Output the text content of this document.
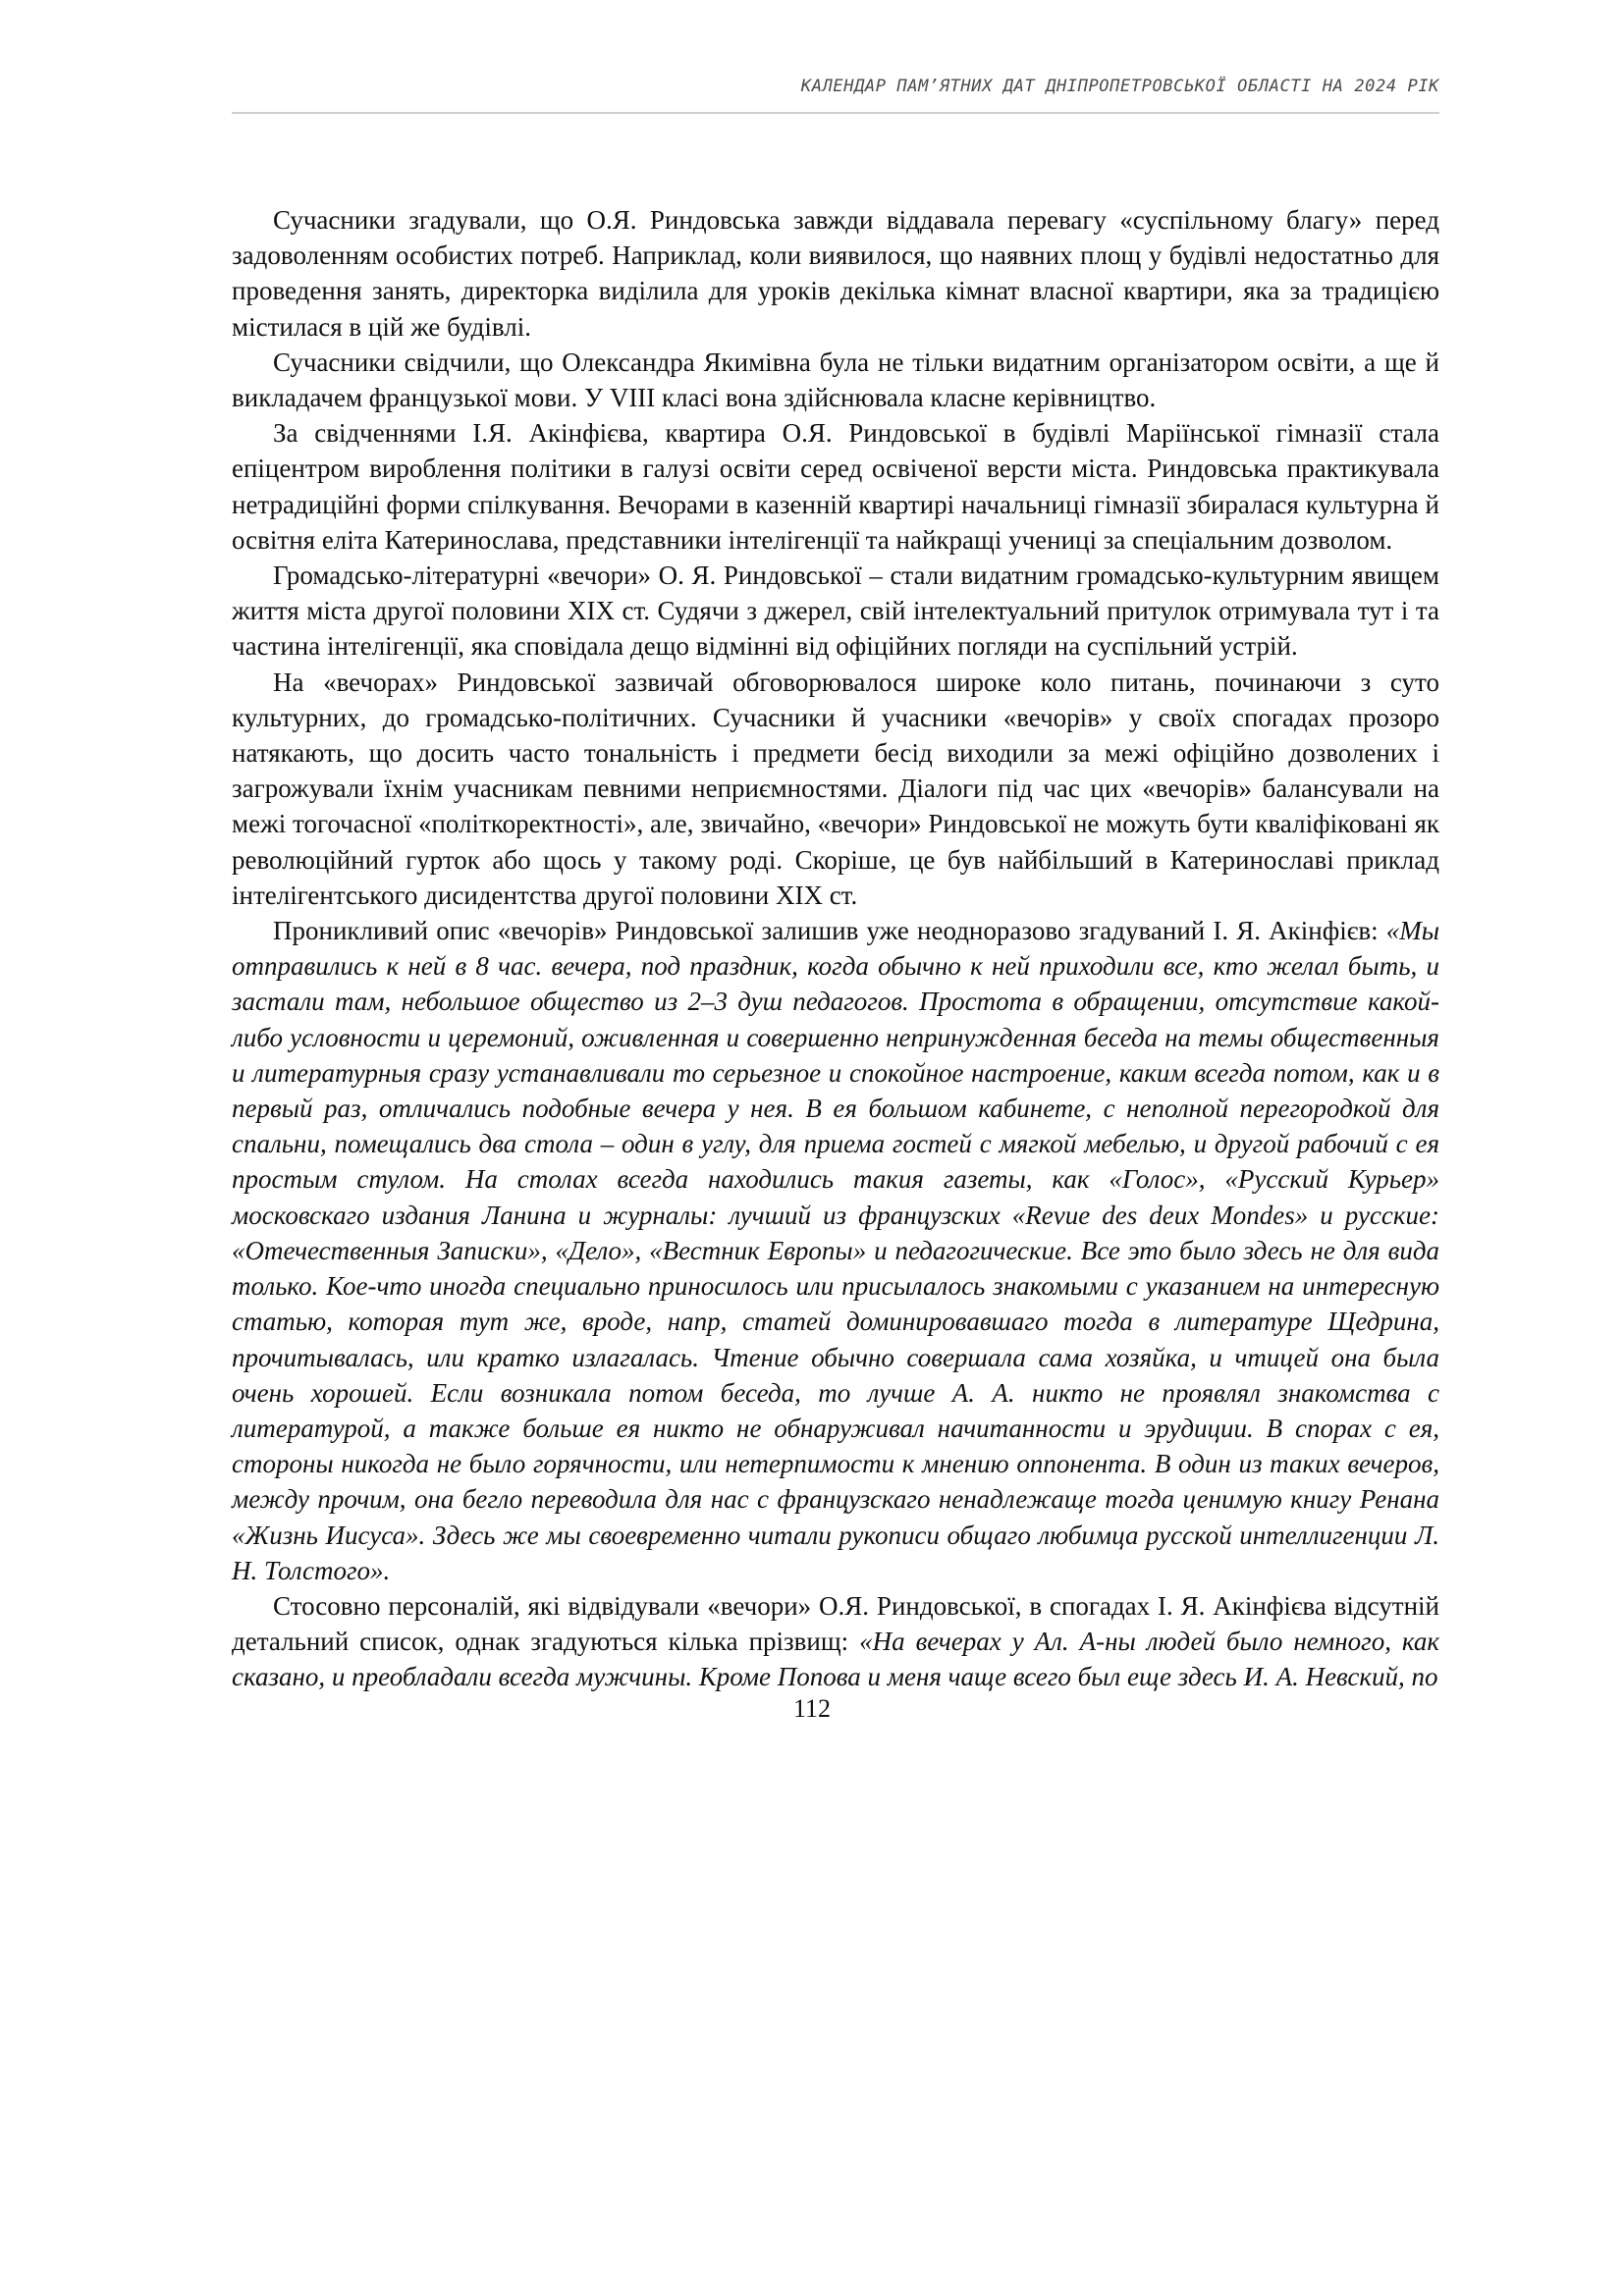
КАЛЕНДАР ПАМ’ЯТНИХ ДАТ ДНІПРОПЕТРОВСЬКОЇ ОБЛАСТІ НА 2024 РІК

Сучасники згадували, що О.Я. Риндовська завжди віддавала перевагу «суспільному благу» перед задоволенням особистих потреб. Наприклад, коли виявилося, що наявних площ у будівлі недостатньо для проведення занять, директорка виділила для уроків декілька кімнат власної квартири, яка за традицією містилася в цій же будівлі.

Сучасники свідчили, що Олександра Якимівна була не тільки видатним організатором освіти, а ще й викладачем французької мови. У VIII класі вона здійснювала класне керівництво.

За свідченнями І.Я. Акінфієва, квартира О.Я. Риндовської в будівлі Маріїнської гімназії стала епіцентром вироблення політики в галузі освіти серед освіченої версти міста. Риндовська практикувала нетрадиційні форми спілкування. Вечорами в казенній квартирі начальниці гімназії збиралася культурна й освітня еліта Катеринослава, представники інтелігенції та найкращі учениці за спеціальним дозволом.

Громадсько-літературні «вечори» О. Я. Риндовської – стали видатним громадсько-культурним явищем життя міста другої половини XIX ст. Судячи з джерел, свій інтелектуальний притулок отримувала тут і та частина інтелігенції, яка сповідала дещо відмінні від офіційних погляди на суспільний устрій.

На «вечорах» Риндовської зазвичай обговорювалося широке коло питань, починаючи з суто культурних, до громадсько-політичних. Сучасники й учасники «вечорів» у своїх спогадах прозоро натякають, що досить часто тональність і предмети бесід виходили за межі офіційно дозволених і загрожували їхнім учасникам певними неприємностями. Діалоги під час цих «вечорів» балансували на межі тогочасної «політкоректності», але, звичайно, «вечори» Риндовської не можуть бути кваліфіковані як революційний гурток або щось у такому роді. Скоріше, це був найбільший в Катеринославі приклад інтелігентського дисидентства другої половини XIX ст.

Проникливий опис «вечорів» Риндовської залишив уже неодноразово згадуваний І. Я. Акінфієв: «Мы отправились к ней в 8 час. вечера, под праздник, когда обычно к ней приходили все, кто желал быть, и застали там, небольшое общество из 2–3 душ педагогов. Простота в обращении, отсутствие какой-либо условности и церемоний, оживленная и совершенно непринужденная беседа на темы общественныя и литературныя сразу устанавливали то серьезное и спокойное настроение, каким всегда потом, как и в первый раз, отличались подобные вечера у нея. В ея большом кабинете, с неполной перегородкой для спальни, помещались два стола – один в углу, для приема гостей с мягкой мебелью, и другой рабочий с ея простым стулом. На столах всегда находились такия газеты, как «Голос», «Русский Курьер» московскаго издания Ланина и журналы: лучший из французских «Revue des deux Mondes» и русские: «Отечественныя Записки», «Дело», «Вестник Европы» и педагогические. Все это было здесь не для вида только. Кое-что иногда специально приносилось или присылалось знакомыми с указанием на интересную статью, которая тут же, вроде, напр, статей доминировавшаго тогда в литературе Щедрина, прочитывалась, или кратко излагалась. Чтение обычно совершала сама хозяйка, и чтицей она была очень хорошей. Если возникала потом беседа, то лучше А. А. никто не проявлял знакомства с литературой, а также больше ея никто не обнаруживал начитанности и эрудиции. В спорах с ея, стороны никогда не было горячности, или нетерпимости к мнению оппонента. В один из таких вечеров, между прочим, она бегло переводила для нас с французскаго ненадлежаще тогда ценимую книгу Ренана «Жизнь Иисуса». Здесь же мы своевременно читали рукописи общаго любимца русской интеллигенции Л. Н. Толстого».

Стосовно персоналій, які відвідували «вечори» О.Я. Риндовської, в спогадах І. Я. Акінфієва відсутній детальний список, однак згадуються кілька прізвищ: «На вечерах у Ал. А-ны людей было немного, как сказано, и преобладали всегда мужчины. Кроме Попова и меня чаще всего был еще здесь И. А. Невский, по

112
